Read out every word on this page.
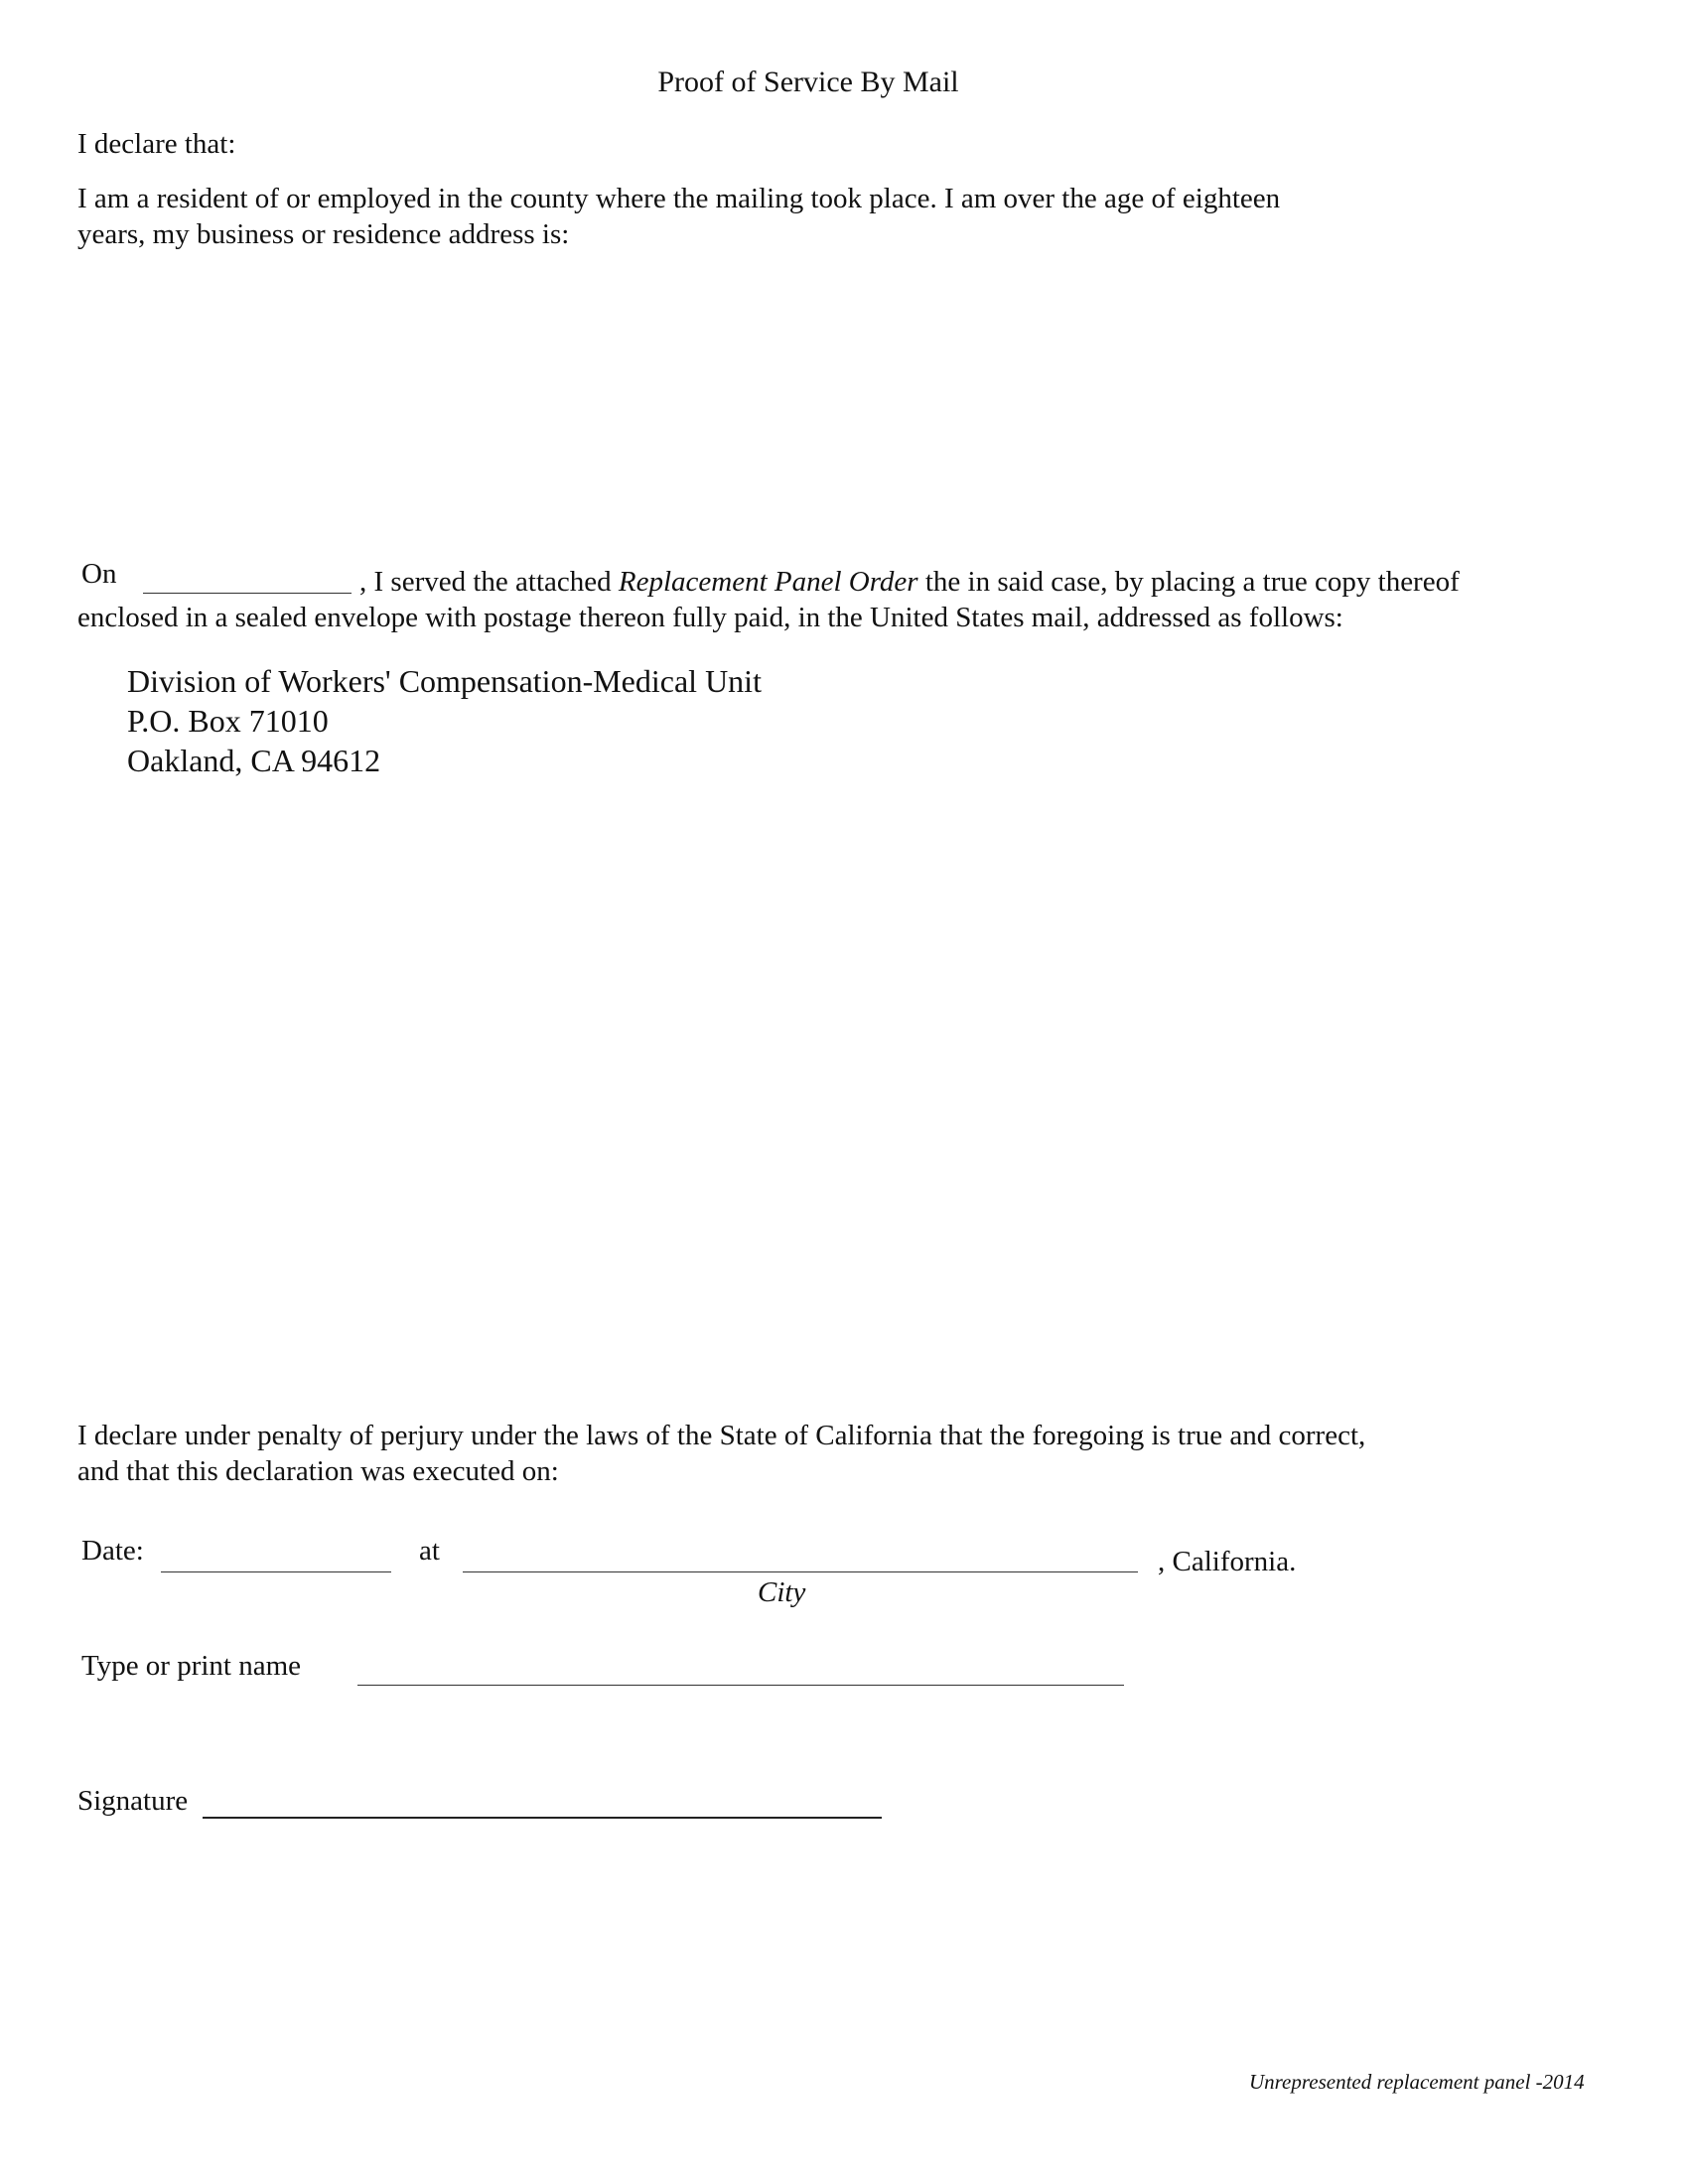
Proof of Service By Mail
I declare that:
I am a resident of or employed in the county where the mailing took place. I am over the age of eighteen
years, my business or residence address is:
On	, I served the attached Replacement Panel Order the in said case, by placing a true copy thereof
enclosed in a sealed envelope with postage thereon fully paid, in the United States mail, addressed as follows:
Division of Workers' Compensation-Medical Unit
P.O. Box 71010
Oakland, CA 94612
I declare under penalty of perjury under the laws of the State of California that the foregoing is true and correct,
and that this declaration was executed on:
Date:	at	, California.
City
Type or print name
Signature
Unrepresented replacement panel -2014
